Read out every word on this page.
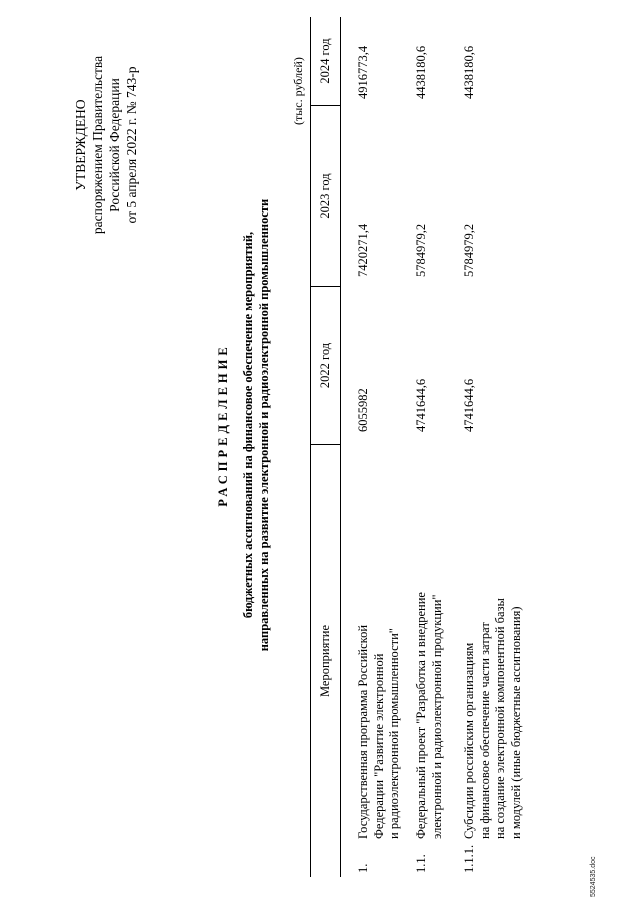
УТВЕРЖДЕНО распоряжением Правительства Российской Федерации от 5 апреля 2022 г. № 743-р
РАСПРЕДЕЛЕНИЕ бюджетных ассигнований на финансовое обеспечение мероприятий, направленных на развитие электронной и радиоэлектронной промышленности
(тыс. рублей)
Мероприятие
2022 год
2023 год
2024 год
1.
Государственная программа Российской Федерации "Развитие электронной и радиоэлектронной промышленности"
6055982
7420271,4
4916773,4
1.1.
Федеральный проект "Разработка и внедрение электронной и радиоэлектронной продукции"
4741644,6
5784979,2
4438180,6
1.1.1.
Субсидии российским организациям на финансовое обеспечение части затрат на создание электронной компонентной базы и модулей (иные бюджетные ассигнования)
4741644,6
5784979,2
4438180,6
5524535.doc
